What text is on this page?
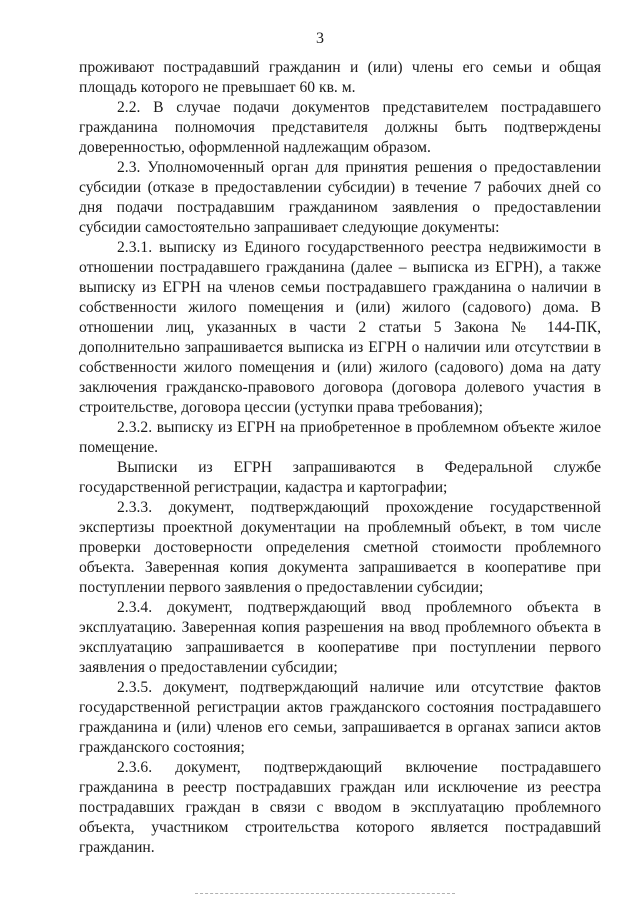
3

проживают пострадавший гражданин и (или) члены его семьи и общая площадь которого не превышает 60 кв. м.

2.2. В случае подачи документов представителем пострадавшего гражданина полномочия представителя должны быть подтверждены доверенностью, оформленной надлежащим образом.

2.3. Уполномоченный орган для принятия решения о предоставлении субсидии (отказе в предоставлении субсидии) в течение 7 рабочих дней со дня подачи пострадавшим гражданином заявления о предоставлении субсидии самостоятельно запрашивает следующие документы:

2.3.1. выписку из Единого государственного реестра недвижимости в отношении пострадавшего гражданина (далее – выписка из ЕГРН), а также выписку из ЕГРН на членов семьи пострадавшего гражданина о наличии в собственности жилого помещения и (или) жилого (садового) дома. В отношении лиц, указанных в части 2 статьи 5 Закона № 144-ПК, дополнительно запрашивается выписка из ЕГРН о наличии или отсутствии в собственности жилого помещения и (или) жилого (садового) дома на дату заключения гражданско-правового договора (договора долевого участия в строительстве, договора цессии (уступки права требования);

2.3.2. выписку из ЕГРН на приобретенное в проблемном объекте жилое помещение.

Выписки из ЕГРН запрашиваются в Федеральной службе государственной регистрации, кадастра и картографии;

2.3.3. документ, подтверждающий прохождение государственной экспертизы проектной документации на проблемный объект, в том числе проверки достоверности определения сметной стоимости проблемного объекта. Заверенная копия документа запрашивается в кооперативе при поступлении первого заявления о предоставлении субсидии;

2.3.4. документ, подтверждающий ввод проблемного объекта в эксплуатацию. Заверенная копия разрешения на ввод проблемного объекта в эксплуатацию запрашивается в кооперативе при поступлении первого заявления о предоставлении субсидии;

2.3.5. документ, подтверждающий наличие или отсутствие фактов государственной регистрации актов гражданского состояния пострадавшего гражданина и (или) членов его семьи, запрашивается в органах записи актов гражданского состояния;

2.3.6. документ, подтверждающий включение пострадавшего гражданина в реестр пострадавших граждан или исключение из реестра пострадавших граждан в связи с вводом в эксплуатацию проблемного объекта, участником строительства которого является пострадавший гражданин.
